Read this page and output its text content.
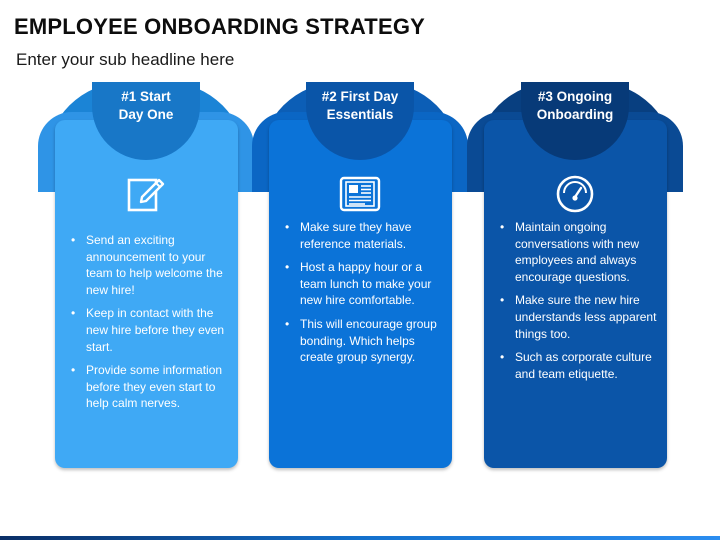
EMPLOYEE ONBOARDING STRATEGY
Enter your sub headline here
#1 Start
Day One
• Send an exciting announcement to your team to help welcome the new hire!
• Keep in contact with the new hire before they even start.
• Provide some information before they even start to help calm nerves.
#2 First Day
Essentials
• Make sure they have reference materials.
• Host a happy hour or a team lunch to make your new hire comfortable.
• This will encourage group bonding. Which helps create group synergy.
#3 Ongoing
Onboarding
• Maintain ongoing conversations with new employees and always encourage questions.
• Make sure the new hire understands less apparent things too.
• Such as corporate culture and team etiquette.
